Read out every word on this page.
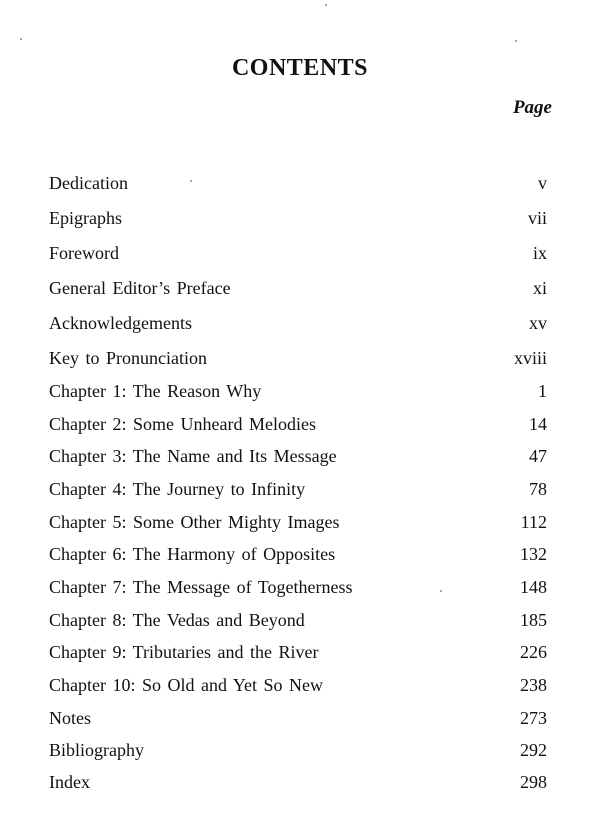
CONTENTS
Page
Dedication	v
Epigraphs	vii
Foreword	ix
General Editor’s Preface	xi
Acknowledgements	xv
Key to Pronunciation	xviii
Chapter 1: The Reason Why	1
Chapter 2: Some Unheard Melodies	14
Chapter 3: The Name and Its Message	47
Chapter 4: The Journey to Infinity	78
Chapter 5: Some Other Mighty Images	112
Chapter 6: The Harmony of Opposites	132
Chapter 7: The Message of Togetherness	148
Chapter 8: The Vedas and Beyond	185
Chapter 9: Tributaries and the River	226
Chapter 10: So Old and Yet So New	238
Notes	273
Bibliography	292
Index	298
